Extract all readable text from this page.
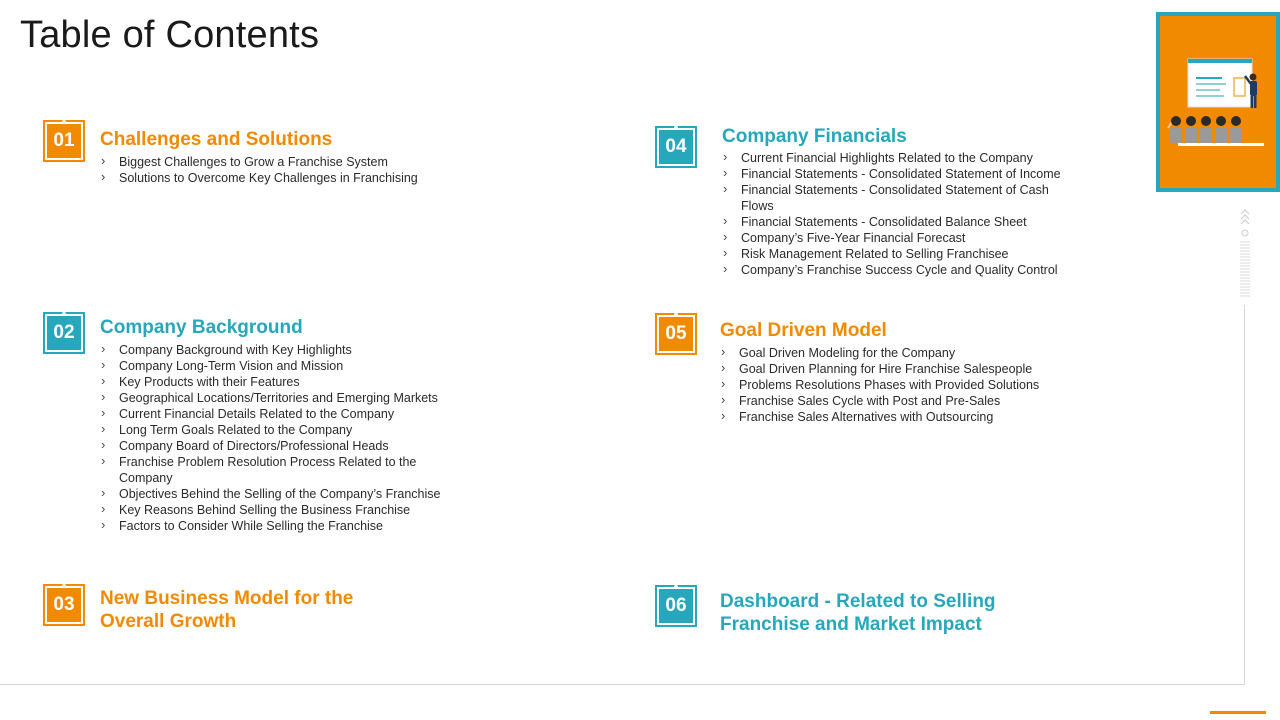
Table of Contents
01	Challenges and Solutions
› Biggest Challenges to Grow a Franchise System
› Solutions to Overcome Key Challenges in Franchising
02	Company Background
› Company Background with Key Highlights
› Company Long-Term Vision and Mission
› Key Products with their Features
› Geographical Locations/Territories and Emerging Markets
› Current Financial Details Related to the Company
› Long Term Goals Related to the Company
› Company Board of Directors/Professional Heads
› Franchise Problem Resolution Process Related to the Company
› Objectives Behind the Selling of the Company’s Franchise
› Key Reasons Behind Selling the Business Franchise
› Factors to Consider While Selling the Franchise
03	New Business Model for the Overall Growth
04	Company Financials
› Current Financial Highlights Related to the Company
› Financial Statements - Consolidated Statement of Income
› Financial Statements - Consolidated Statement of Cash Flows
› Financial Statements - Consolidated Balance Sheet
› Company’s Five-Year Financial Forecast
› Risk Management Related to Selling Franchisee
› Company’s Franchise Success Cycle and Quality Control
05	Goal Driven Model
› Goal Driven Modeling for the Company
› Goal Driven Planning for Hire Franchise Salespeople
› Problems Resolutions Phases with Provided Solutions
› Franchise Sales Cycle with Post and Pre-Sales
› Franchise Sales Alternatives with Outsourcing
06	Dashboard - Related to Selling Franchise and Market Impact
